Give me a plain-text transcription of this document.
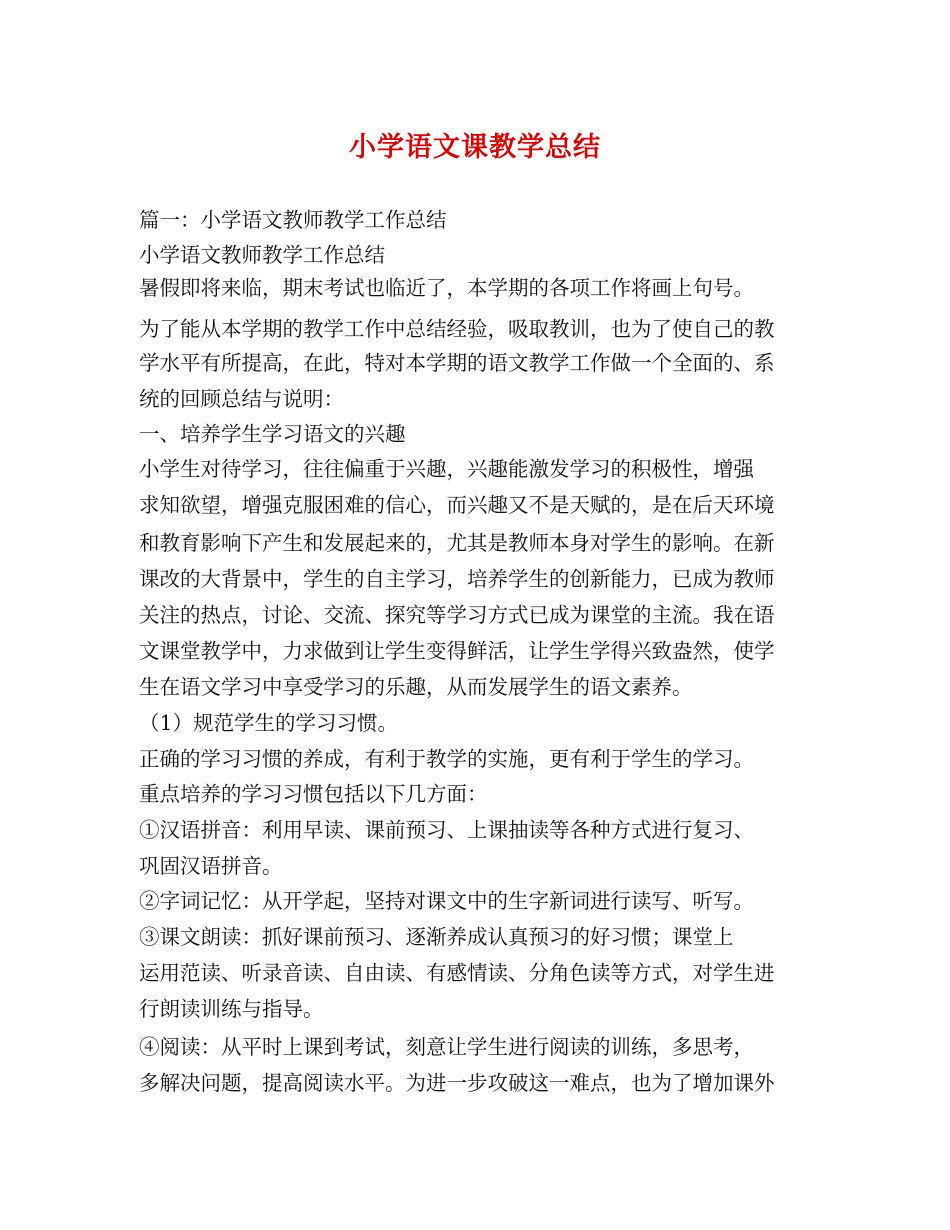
小学语文课教学总结
篇一：小学语文教师教学工作总结
小学语文教师教学工作总结
暑假即将来临，期末考试也临近了，本学期的各项工作将画上句号。
为了能从本学期的教学工作中总结经验，吸取教训，也为了使自己的教
学水平有所提高，在此，特对本学期的语文教学工作做一个全面的、系
统的回顾总结与说明：
一、培养学生学习语文的兴趣
小学生对待学习，往往偏重于兴趣，兴趣能激发学习的积极性，增强
求知欲望，增强克服困难的信心，而兴趣又不是天赋的，是在后天环境
和教育影响下产生和发展起来的，尤其是教师本身对学生的影响。在新
课改的大背景中，学生的自主学习，培养学生的创新能力，已成为教师
关注的热点，讨论、交流、探究等学习方式已成为课堂的主流。我在语
文课堂教学中，力求做到让学生变得鲜活，让学生学得兴致盎然，使学
生在语文学习中享受学习的乐趣，从而发展学生的语文素养。
（1）规范学生的学习习惯。
正确的学习习惯的养成，有利于教学的实施，更有利于学生的学习。
重点培养的学习习惯包括以下几方面：
①汉语拼音：利用早读、课前预习、上课抽读等各种方式进行复习、
巩固汉语拼音。
②字词记忆：从开学起，坚持对课文中的生字新词进行读写、听写。
③课文朗读：抓好课前预习、逐渐养成认真预习的好习惯；课堂上
运用范读、听录音读、自由读、有感情读、分角色读等方式，对学生进
行朗读训练与指导。
④阅读：从平时上课到考试，刻意让学生进行阅读的训练，多思考，
多解决问题，提高阅读水平。为进一步攻破这一难点，也为了增加课外
